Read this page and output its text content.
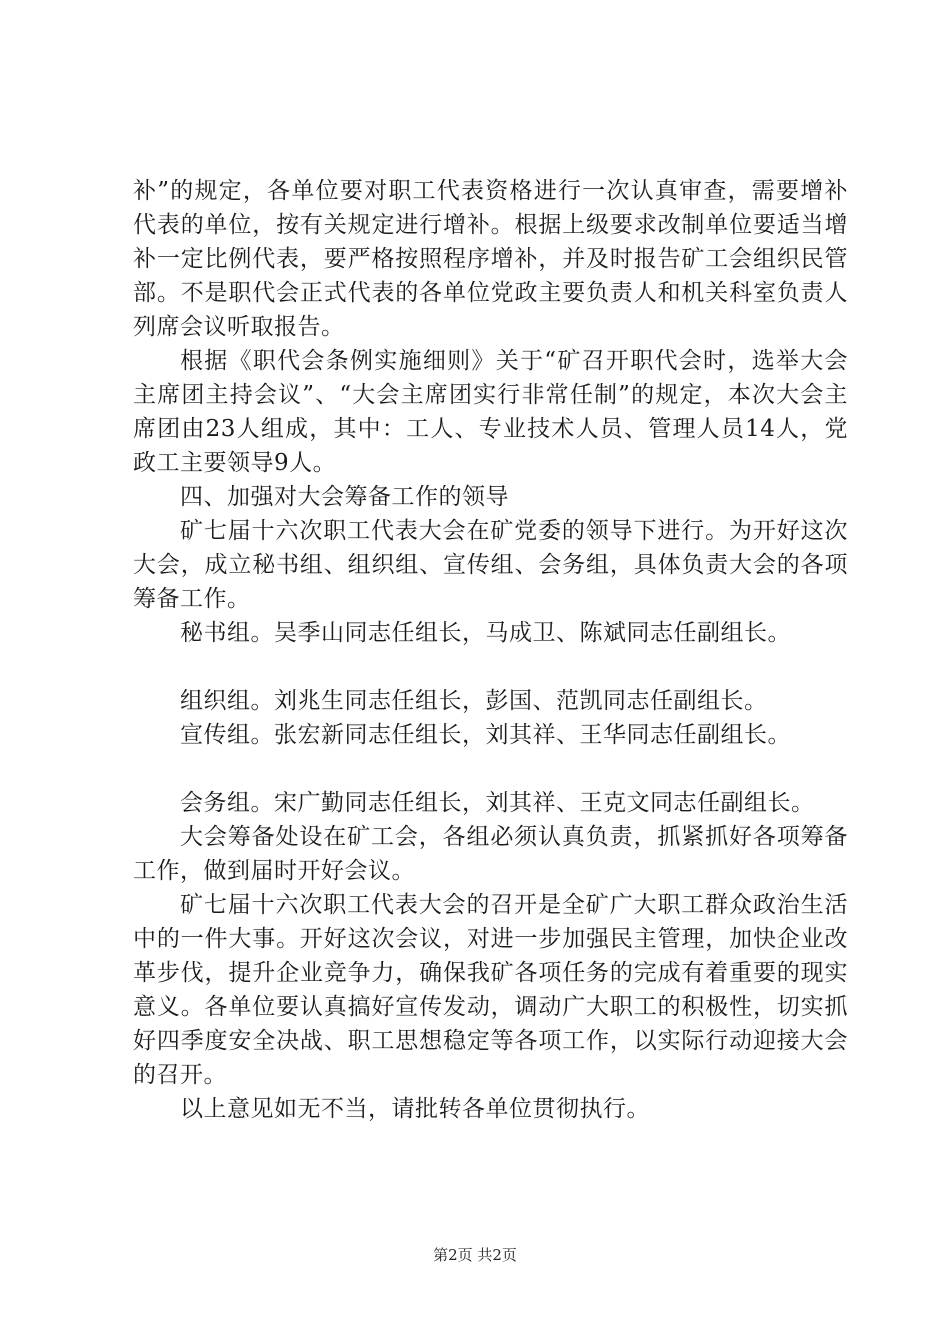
补”的规定，各单位要对职工代表资格进行一次认真审查，需要增补代表的单位，按有关规定进行增补。根据上级要求改制单位要适当增补一定比例代表，要严格按照程序增补，并及时报告矿工会组织民管部。不是职代会正式代表的各单位党政主要负责人和机关科室负责人列席会议听取报告。

根据《职代会条例实施细则》关于“矿召开职代会时，选举大会主席团主持会议”、“大会主席团实行非常任制”的规定，本次大会主席团由23人组成，其中：工人、专业技术人员、管理人员14人，党政工主要领导9人。

四、加强对大会筹备工作的领导

矿七届十六次职工代表大会在矿党委的领导下进行。为开好这次大会，成立秘书组、组织组、宣传组、会务组，具体负责大会的各项筹备工作。

秘书组。吴季山同志任组长，马成卫、陈斌同志任副组长。

组织组。刘兆生同志任组长，彭国、范凯同志任副组长。

宣传组。张宏新同志任组长，刘其祥、王华同志任副组长。

会务组。宋广勤同志任组长，刘其祥、王克文同志任副组长。

大会筹备处设在矿工会，各组必须认真负责，抓紧抓好各项筹备工作，做到届时开好会议。

矿七届十六次职工代表大会的召开是全矿广大职工群众政治生活中的一件大事。开好这次会议，对进一步加强民主管理，加快企业改革步伐，提升企业竞争力，确保我矿各项任务的完成有着重要的现实意义。各单位要认真搞好宣传发动，调动广大职工的积极性，切实抓好四季度安全决战、职工思想稳定等各项工作，以实际行动迎接大会的召开。

以上意见如无不当，请批转各单位贯彻执行。

第2页 共2页
